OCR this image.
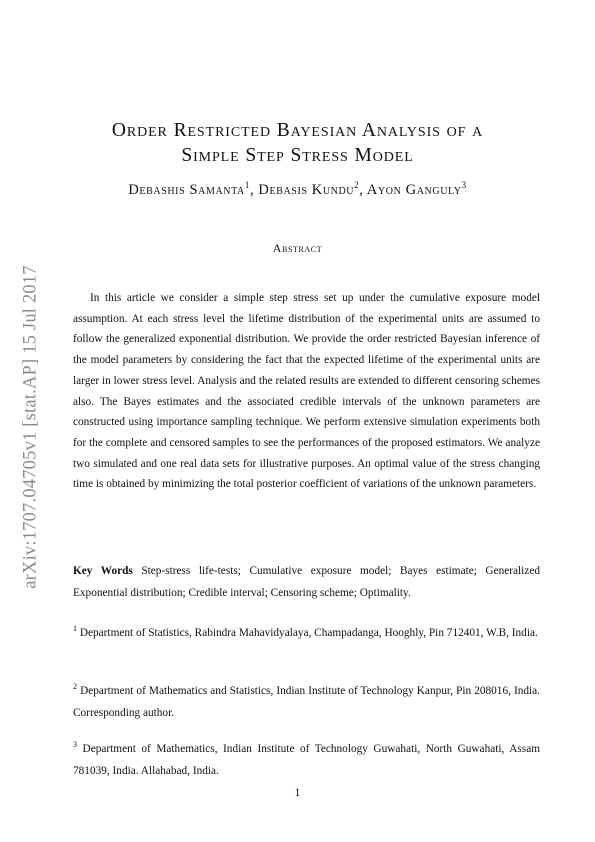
arXiv:1707.04705v1 [stat.AP] 15 Jul 2017
Order Restricted Bayesian Analysis of a
Simple Step Stress Model
Debashis Samanta$^1$, Debasis Kundu$^2$, Ayon Ganguly$^3$
Abstract

In this article we consider a simple step stress set up under the cumulative exposure model assumption. At each stress level the lifetime distribution of the experimental units are assumed to follow the generalized exponential distribution. We provide the order restricted Bayesian inference of the model parameters by considering the fact that the expected lifetime of the experimental units are larger in lower stress level. Analysis and the related results are extended to different censoring schemes also. The Bayes estimates and the associated credible intervals of the unknown parameters are constructed using importance sampling technique. We perform extensive simulation experiments both for the complete and censored samples to see the performances of the proposed estimators. We analyze two simulated and one real data sets for illustrative purposes. An optimal value of the stress changing time is obtained by minimizing the total posterior coefficient of variations of the unknown parameters.

Key Words Step-stress life-tests; Cumulative exposure model; Bayes estimate; Generalized Exponential distribution; Credible interval; Censoring scheme; Optimality.

$^1$ Department of Statistics, Rabindra Mahavidyalaya, Champadanga, Hooghly, Pin 712401, W.B, India.

$^2$ Department of Mathematics and Statistics, Indian Institute of Technology Kanpur, Pin 208016, India. Corresponding author.

$^3$ Department of Mathematics, Indian Institute of Technology Guwahati, North Guwahati, Assam 781039, India. Allahabad, India.

1
